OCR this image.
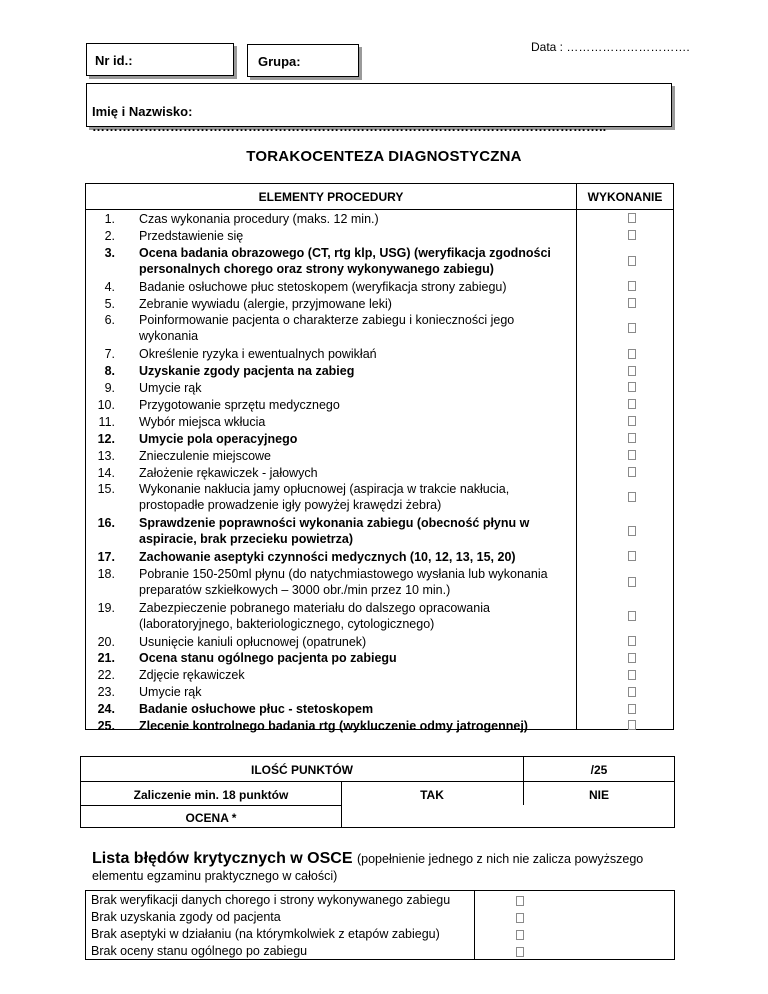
Nr id.:	Grupa:
Data : ………………………….
Imię i Nazwisko: ………………………………………………………………………………………………………..
TORAKOCENTEZA DIAGNOSTYCZNA
ELEMENTY PROCEDURY	WYKONANIE
1. Czas wykonania procedury (maks. 12 min.)
2. Przedstawienie się
3. Ocena badania obrazowego (CT, rtg klp, USG) (weryfikacja zgodności personalnych chorego oraz strony wykonywanego zabiegu)
4. Badanie osłuchowe płuc stetoskopem (weryfikacja strony zabiegu)
5. Zebranie wywiadu (alergie, przyjmowane leki)
6. Poinformowanie pacjenta o charakterze zabiegu i konieczności jego wykonania
7. Określenie ryzyka i ewentualnych powikłań
8. Uzyskanie zgody pacjenta na zabieg
9. Umycie rąk
10. Przygotowanie sprzętu medycznego
11. Wybór miejsca wkłucia
12. Umycie pola operacyjnego
13. Znieczulenie miejscowe
14. Założenie rękawiczek - jałowych
15. Wykonanie nakłucia jamy opłucnowej (aspiracja w trakcie nakłucia, prostopadłe prowadzenie igły powyżej krawędzi żebra)
16. Sprawdzenie poprawności wykonania zabiegu (obecność płynu w aspiracie, brak przecieku powietrza)
17. Zachowanie aseptyki czynności medycznych (10, 12, 13, 15, 20)
18. Pobranie 150-250ml płynu (do natychmiastowego wysłania lub wykonania preparatów szkiełkowych – 3000 obr./min przez 10 min.)
19. Zabezpieczenie pobranego materiału do dalszego opracowania (laboratoryjnego, bakteriologicznego, cytologicznego)
20. Usunięcie kaniuli opłucnowej (opatrunek)
21. Ocena stanu ogólnego pacjenta po zabiegu
22. Zdjęcie rękawiczek
23. Umycie rąk
24. Badanie osłuchowe płuc - stetoskopem
25. Zlecenie kontrolnego badania rtg (wykluczenie odmy jatrogennej)
ILOŚĆ PUNKTÓW	/25
Zaliczenie min. 18 punktów	TAK	NIE
OCENA *
Lista błędów krytycznych w OSCE (popełnienie jednego z nich nie zalicza powyższego
elementu egzaminu praktycznego w całości)
Brak weryfikacji danych chorego i strony wykonywanego zabiegu
Brak uzyskania zgody od pacjenta
Brak aseptyki w działaniu (na którymkolwiek z etapów zabiegu)
Brak oceny stanu ogólnego po zabiegu
